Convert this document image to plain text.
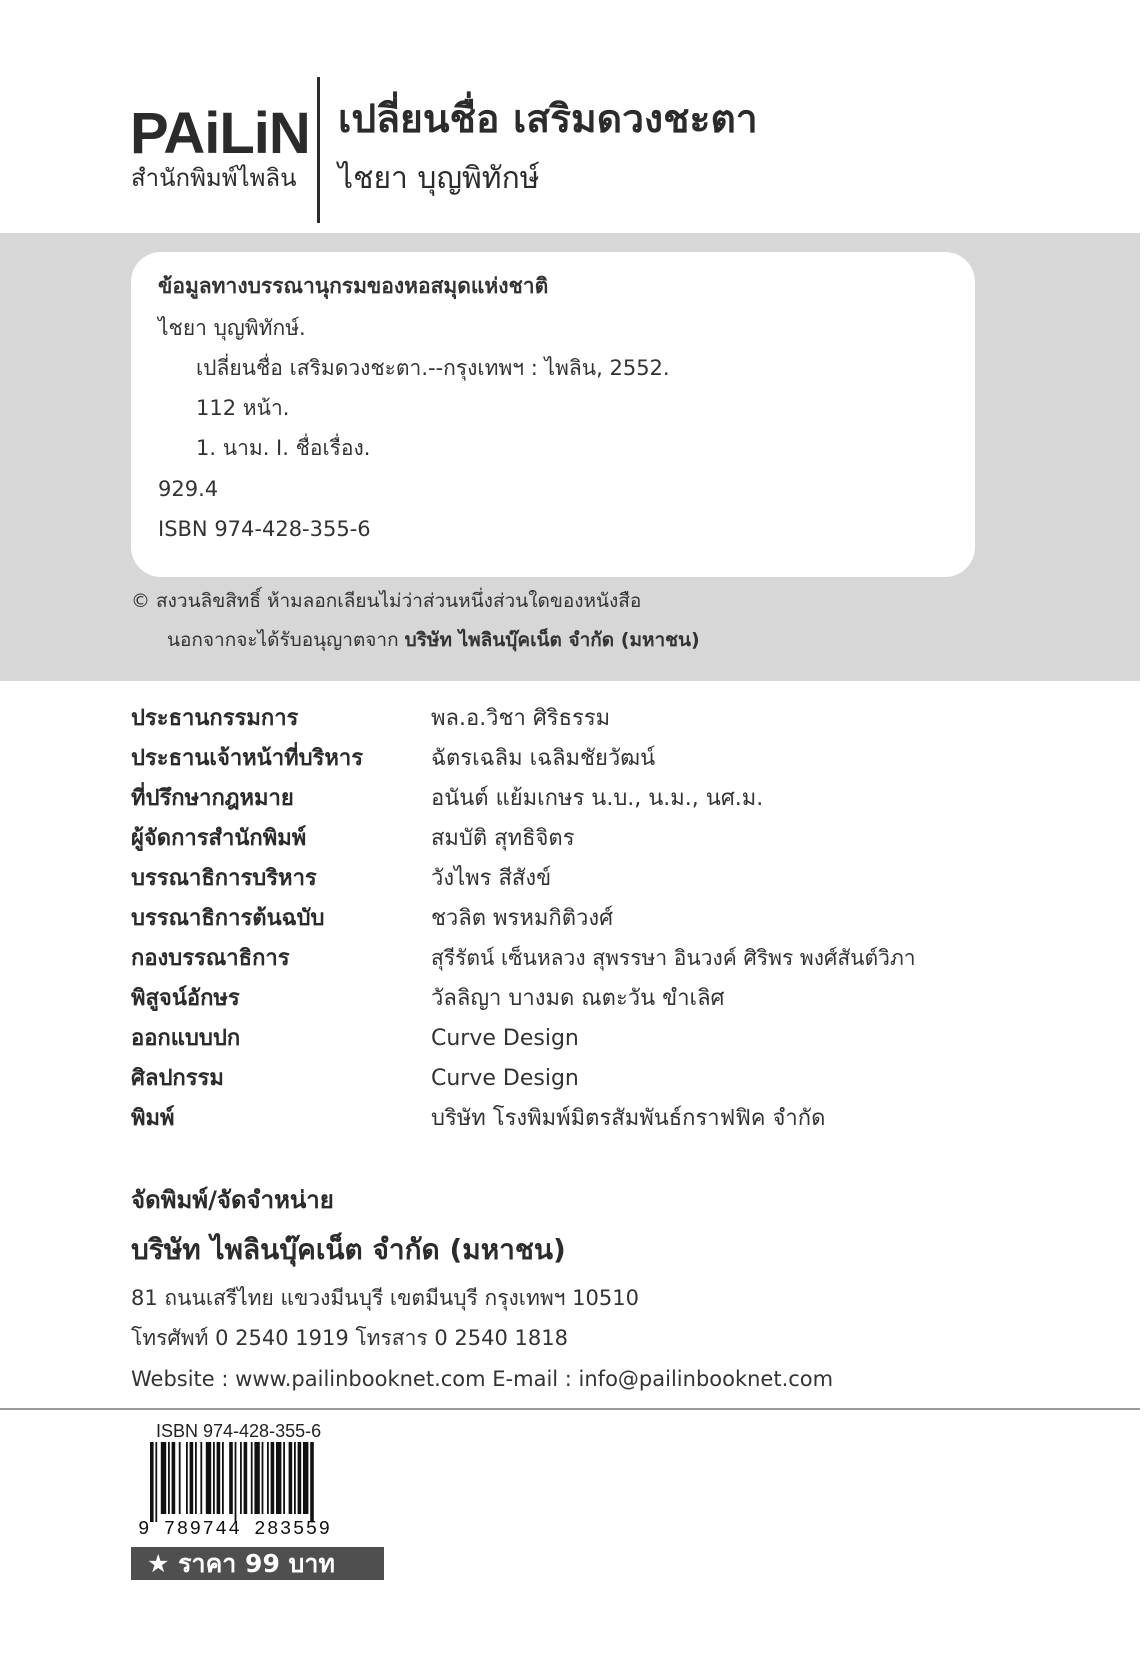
PAiLiN
สำนักพิมพ์ไพลิน
เปลี่ยนชื่อ เสริมดวงชะตา
ไชยา บุญพิทักษ์
ข้อมูลทางบรรณานุกรมของหอสมุดแห่งชาติ
ไชยา บุญพิทักษ์.
เปลี่ยนชื่อ เสริมดวงชะตา.--กรุงเทพฯ : ไพลิน, 2552.
112 หน้า.
1. นาม. I. ชื่อเรื่อง.
929.4
ISBN 974-428-355-6
© สงวนลิขสิทธิ์ ห้ามลอกเลียนไม่ว่าส่วนหนึ่งส่วนใดของหนังสือ
นอกจากจะได้รับอนุญาตจาก บริษัท ไพลินบุ๊คเน็ต จำกัด (มหาชน)
ประธานกรรมการ	พล.อ.วิชา ศิริธรรม
ประธานเจ้าหน้าที่บริหาร	ฉัตรเฉลิม เฉลิมชัยวัฒน์
ที่ปรึกษากฎหมาย	อนันต์ แย้มเกษร น.บ., น.ม., นศ.ม.
ผู้จัดการสำนักพิมพ์	สมบัติ สุทธิจิตร
บรรณาธิการบริหาร	วังไพร สีสังข์
บรรณาธิการต้นฉบับ	ชวลิต พรหมกิติวงศ์
กองบรรณาธิการ	สุรีรัตน์ เซ็นหลวง สุพรรษา อินวงค์ ศิริพร พงศ์สันต์วิภา
พิสูจน์อักษร	วัลลิญา บางมด ณตะวัน ขำเลิศ
ออกแบบปก	Curve Design
ศิลปกรรม	Curve Design
พิมพ์	บริษัท โรงพิมพ์มิตรสัมพันธ์กราฟฟิค จำกัด
จัดพิมพ์/จัดจำหน่าย
บริษัท ไพลินบุ๊คเน็ต จำกัด (มหาชน)
81 ถนนเสรีไทย แขวงมีนบุรี เขตมีนบุรี กรุงเทพฯ 10510
โทรศัพท์ 0 2540 1919 โทรสาร 0 2540 1818
Website : www.pailinbooknet.com E-mail : info@pailinbooknet.com
ISBN 974-428-355-6
9 789744 283559
★ ราคา 99 บาท
